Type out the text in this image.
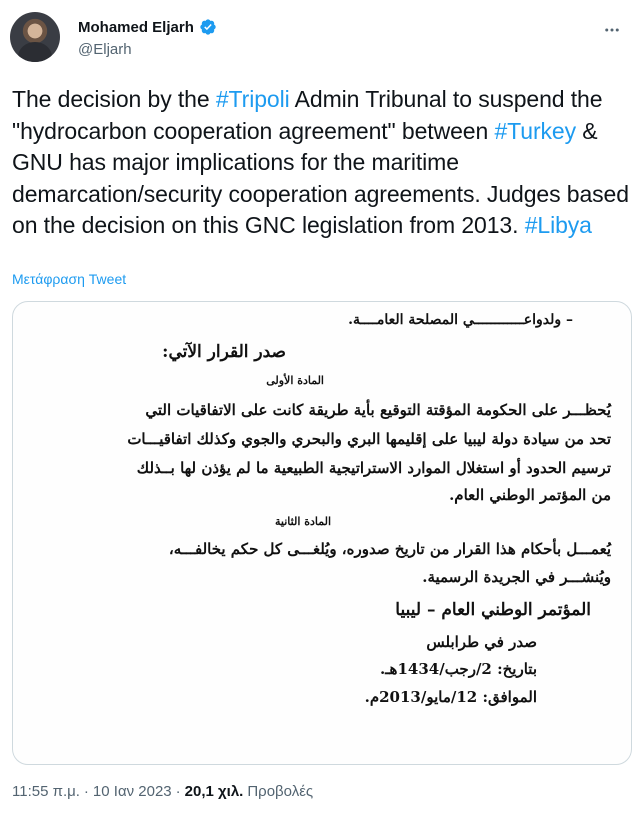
Mohamed Eljarh
@Eljarh
The decision by the #Tripoli Admin Tribunal to suspend the "hydrocarbon cooperation agreement" between #Turkey & GNU has major implications for the maritime demarcation/security cooperation agreements. Judges based on the decision on this GNC legislation from 2013. #Libya
Μετάφραση Tweet
– ولدواعــــــــــــي المصلحة العامــــة.
صدر القرار الآتي:
المادة الأولى
يُحظـــر على الحكومة المؤقتة التوقيع بأية طريقة كانت على الاتفاقيات التي
تحد من سيادة دولة ليبيا على إقليمها البري والبحري والجوي وكذلك اتفاقيـــات
ترسيم الحدود أو استغلال الموارد الاستراتيجية الطبيعية ما لم يؤذن لها بــذلك
من المؤتمر الوطني العام.
المادة الثانية
يُعمـــل بأحكام هذا القرار من تاريخ صدوره، ويُلغـــى كل حكم يخالفـــه،
ويُنشـــر في الجريدة الرسمية.
المؤتمر الوطني العام – ليبيا
صدر في طرابلس
بتاريخ: 2/رجب/1434هـ.
الموافق: 12/مايو/2013م.
11:55 π.μ. · 10 Ιαν 2023 · 20,1 χιλ. Προβολές
